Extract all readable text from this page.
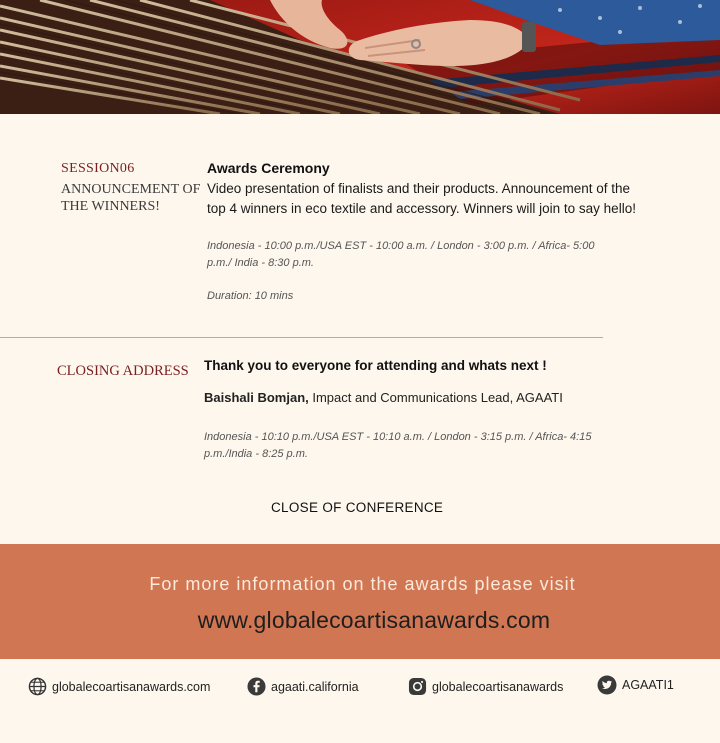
SESSION06
ANNOUNCEMENT OF THE WINNERS!
Awards Ceremony
Video presentation of finalists and their products. Announcement of the top 4 winners in eco textile and accessory. Winners will join to say hello!
Indonesia - 10:00 p.m./USA EST - 10:00 a.m. / London - 3:00 p.m. / Africa- 5:00 p.m./ India - 8:30 p.m.
Duration: 10 mins
CLOSING ADDRESS Thank you to everyone for attending and whats next !
Baishali Bomjan, Impact and Communications Lead, AGAATI
Indonesia - 10:10 p.m./USA EST - 10:10 a.m. / London - 3:15 p.m. / Africa- 4:15 p.m./India - 8:25 p.m.
CLOSE OF CONFERENCE
For more information on the awards please visit
www.globalecoartisanawards.com
globalecoartisanawards.com	agaati.california	globalecoartisanawards	AGAATI1
